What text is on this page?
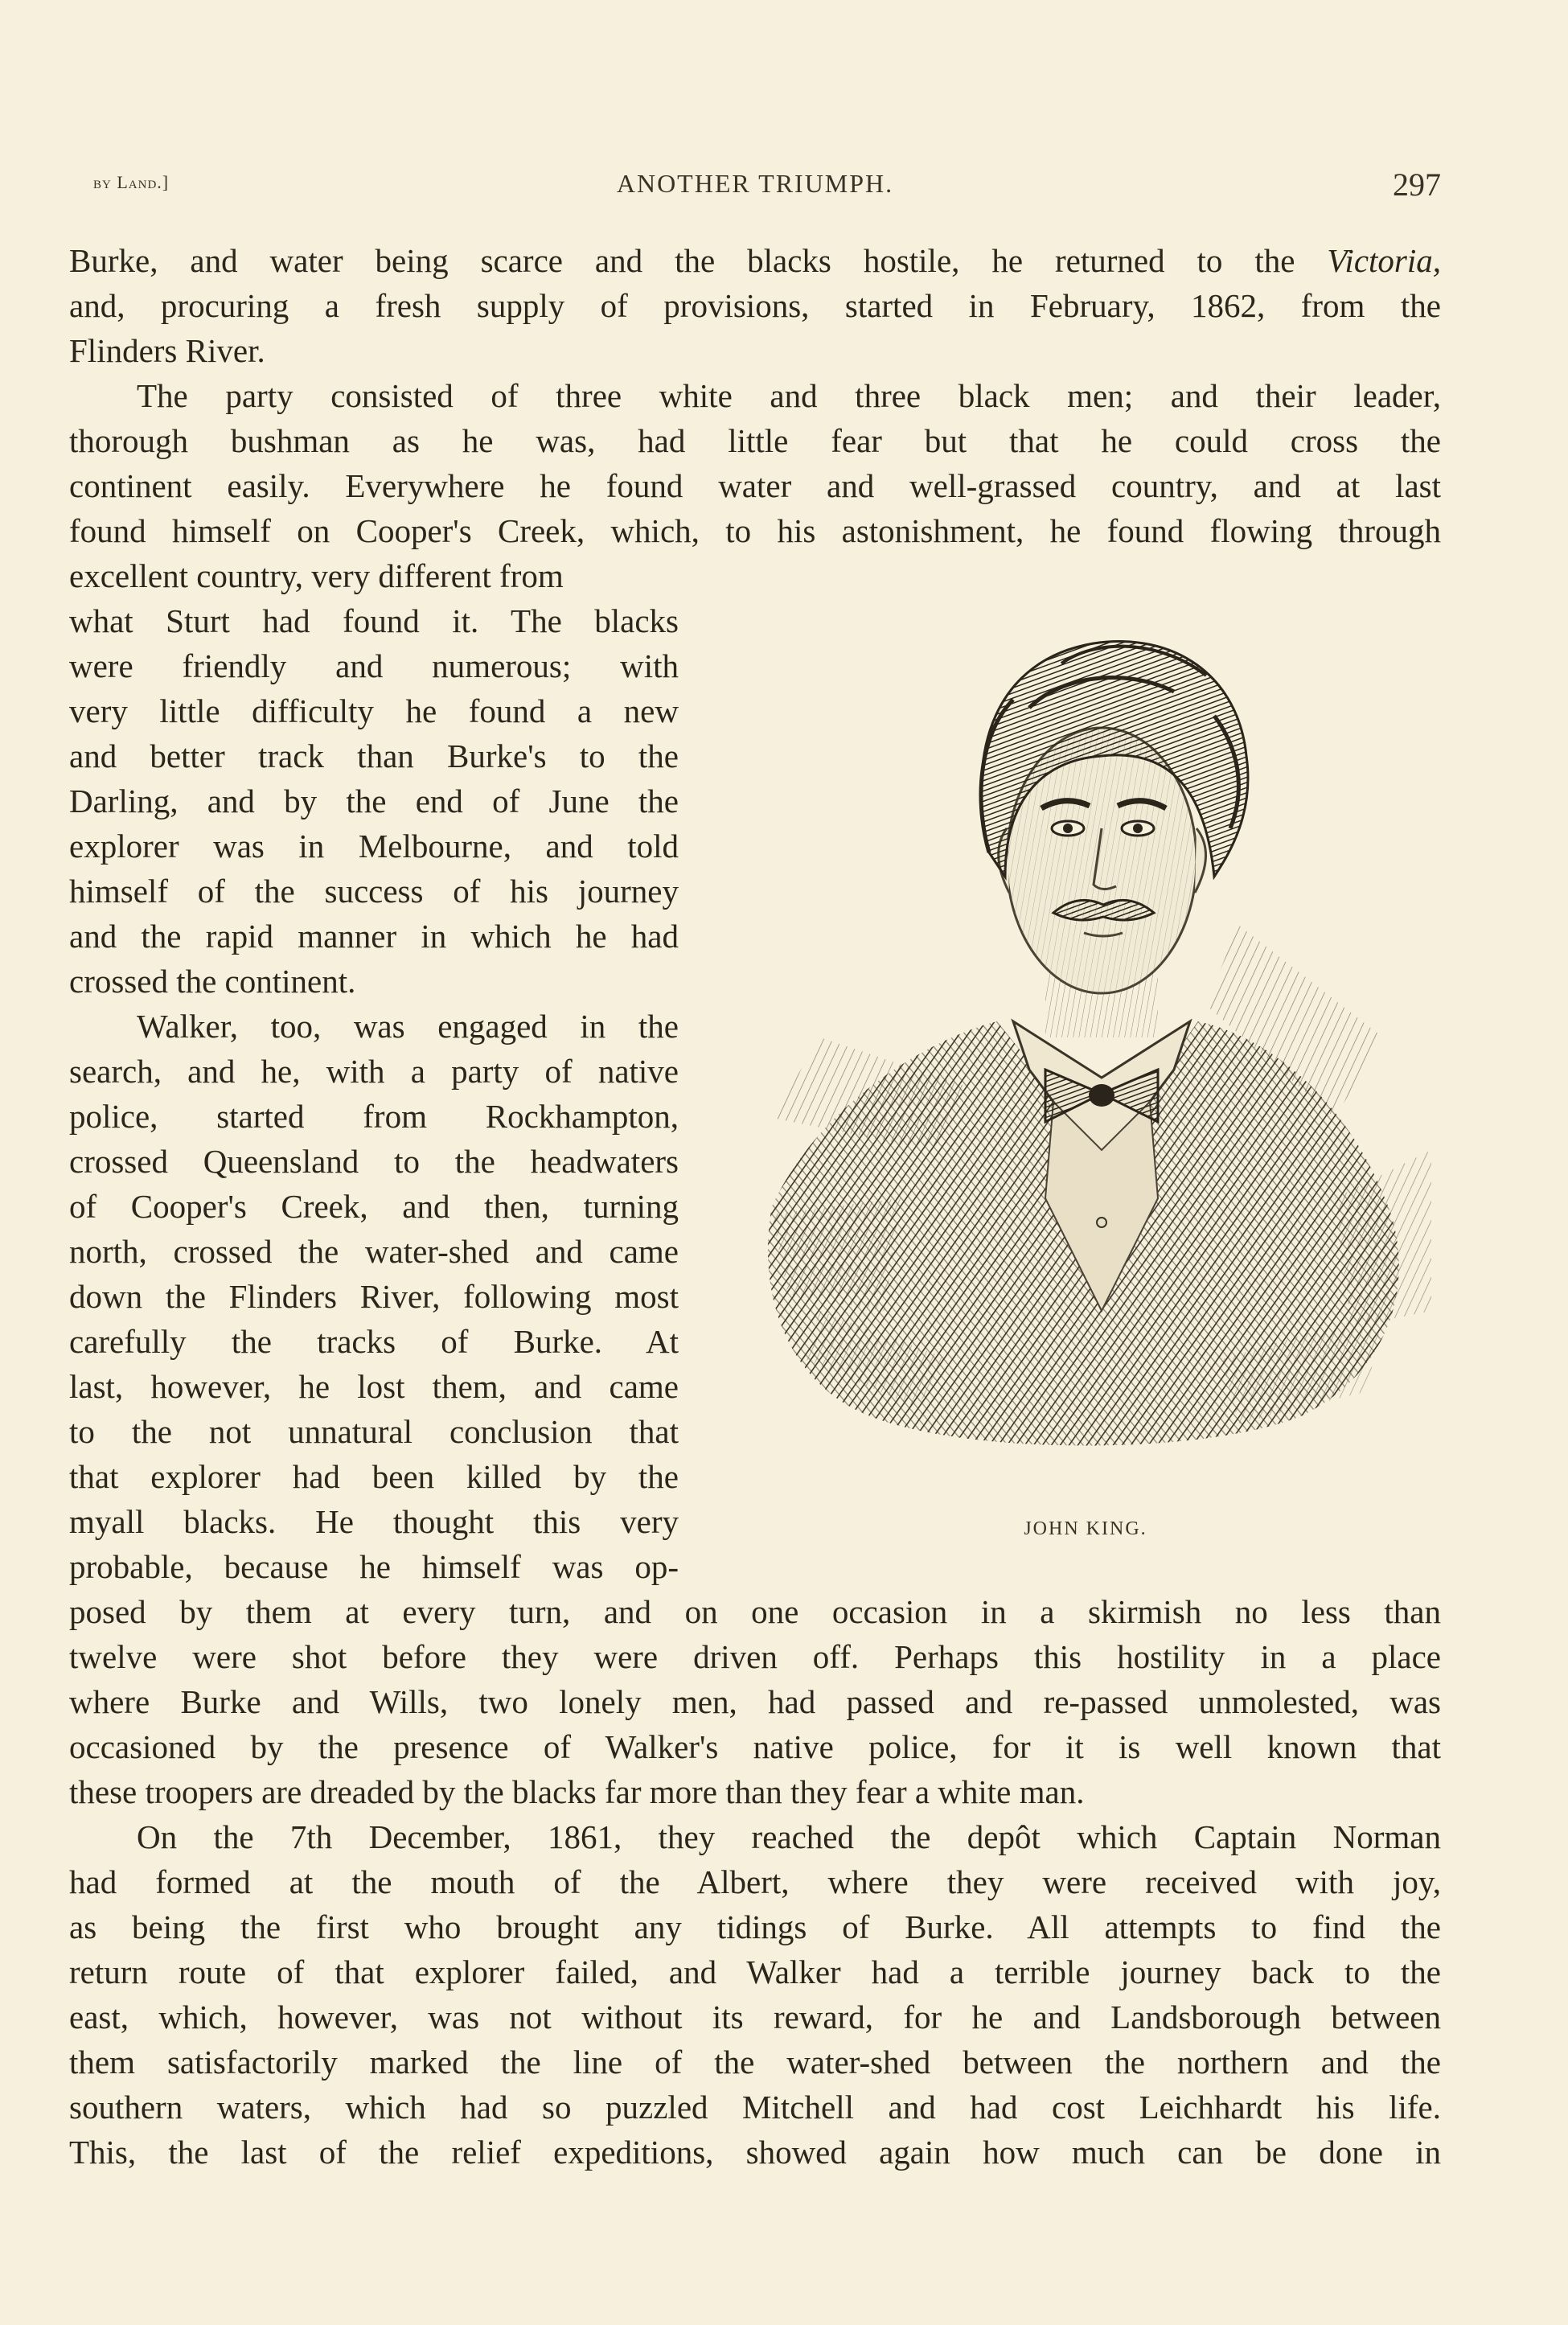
by Land.]	ANOTHER TRIUMPH.	297
Burke, and water being scarce and the blacks hostile, he returned to the Victoria,
and, procuring a fresh supply of provisions, started in February, 1862, from the
Flinders River.
The party consisted of three white and three black men; and their leader,
thorough bushman as he was, had little fear but that he could cross the
continent easily. Everywhere he found water and well-grassed country, and at last
found himself on Cooper's Creek, which, to his astonishment, he found flowing through
excellent country, very different from
what Sturt had found it. The blacks
were friendly and numerous; with
very little difficulty he found a new
and better track than Burke's to the
Darling, and by the end of June the
explorer was in Melbourne, and told
himself of the success of his journey
and the rapid manner in which he had
crossed the continent.
Walker, too, was engaged in the
search, and he, with a party of native
police, started from Rockhampton,
crossed Queensland to the headwaters
of Cooper's Creek, and then, turning
north, crossed the water-shed and came
down the Flinders River, following most
carefully the tracks of Burke. At
last, however, he lost them, and came
to the not unnatural conclusion that
that explorer had been killed by the
myall blacks. He thought this very
probable, because he himself was op-
posed by them at every turn, and on one occasion in a skirmish no less than
twelve were shot before they were driven off. Perhaps this hostility in a place
where Burke and Wills, two lonely men, had passed and re-passed unmolested, was
occasioned by the presence of Walker's native police, for it is well known that
these troopers are dreaded by the blacks far more than they fear a white man.
On the 7th December, 1861, they reached the depôt which Captain Norman
had formed at the mouth of the Albert, where they were received with joy,
as being the first who brought any tidings of Burke. All attempts to find the
return route of that explorer failed, and Walker had a terrible journey back to the
east, which, however, was not without its reward, for he and Landsborough between
them satisfactorily marked the line of the water-shed between the northern and the
southern waters, which had so puzzled Mitchell and had cost Leichhardt his life.
This, the last of the relief expeditions, showed again how much can be done in
JOHN KING.
